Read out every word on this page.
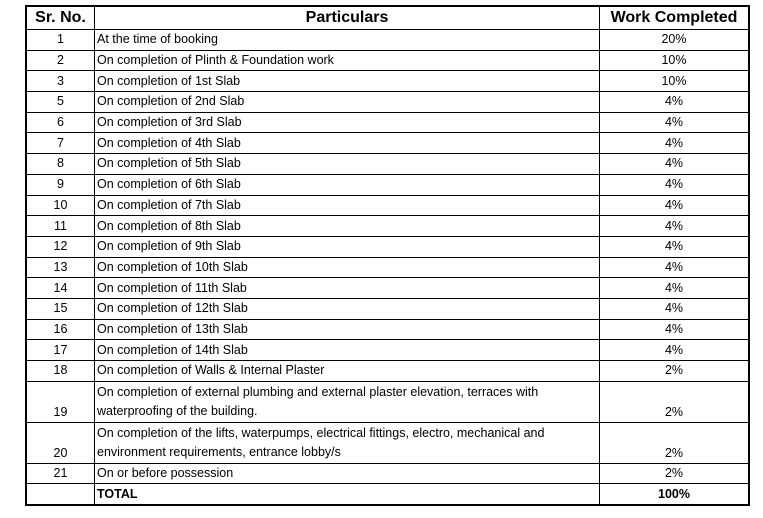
Sr. No.	Particulars	Work Completed
1	At the time of booking	20%
2	On completion of Plinth & Foundation work	10%
3	On completion of 1st Slab	10%
5	On completion of 2nd Slab	4%
6	On completion of 3rd Slab	4%
7	On completion of 4th Slab	4%
8	On completion of 5th Slab	4%
9	On completion of 6th Slab	4%
10	On completion of 7th Slab	4%
11	On completion of 8th Slab	4%
12	On completion of 9th Slab	4%
13	On completion of 10th Slab	4%
14	On completion of 11th Slab	4%
15	On completion of 12th Slab	4%
16	On completion of 13th Slab	4%
17	On completion of 14th Slab	4%
18	On completion of Walls & Internal Plaster	2%
19	On completion of external plumbing and external plaster elevation, terraces with waterproofing of the building.	2%
20	On completion of the lifts, waterpumps, electrical fittings, electro, mechanical and environment requirements, entrance lobby/s	2%
21	On or before possession	2%
	TOTAL	100%
